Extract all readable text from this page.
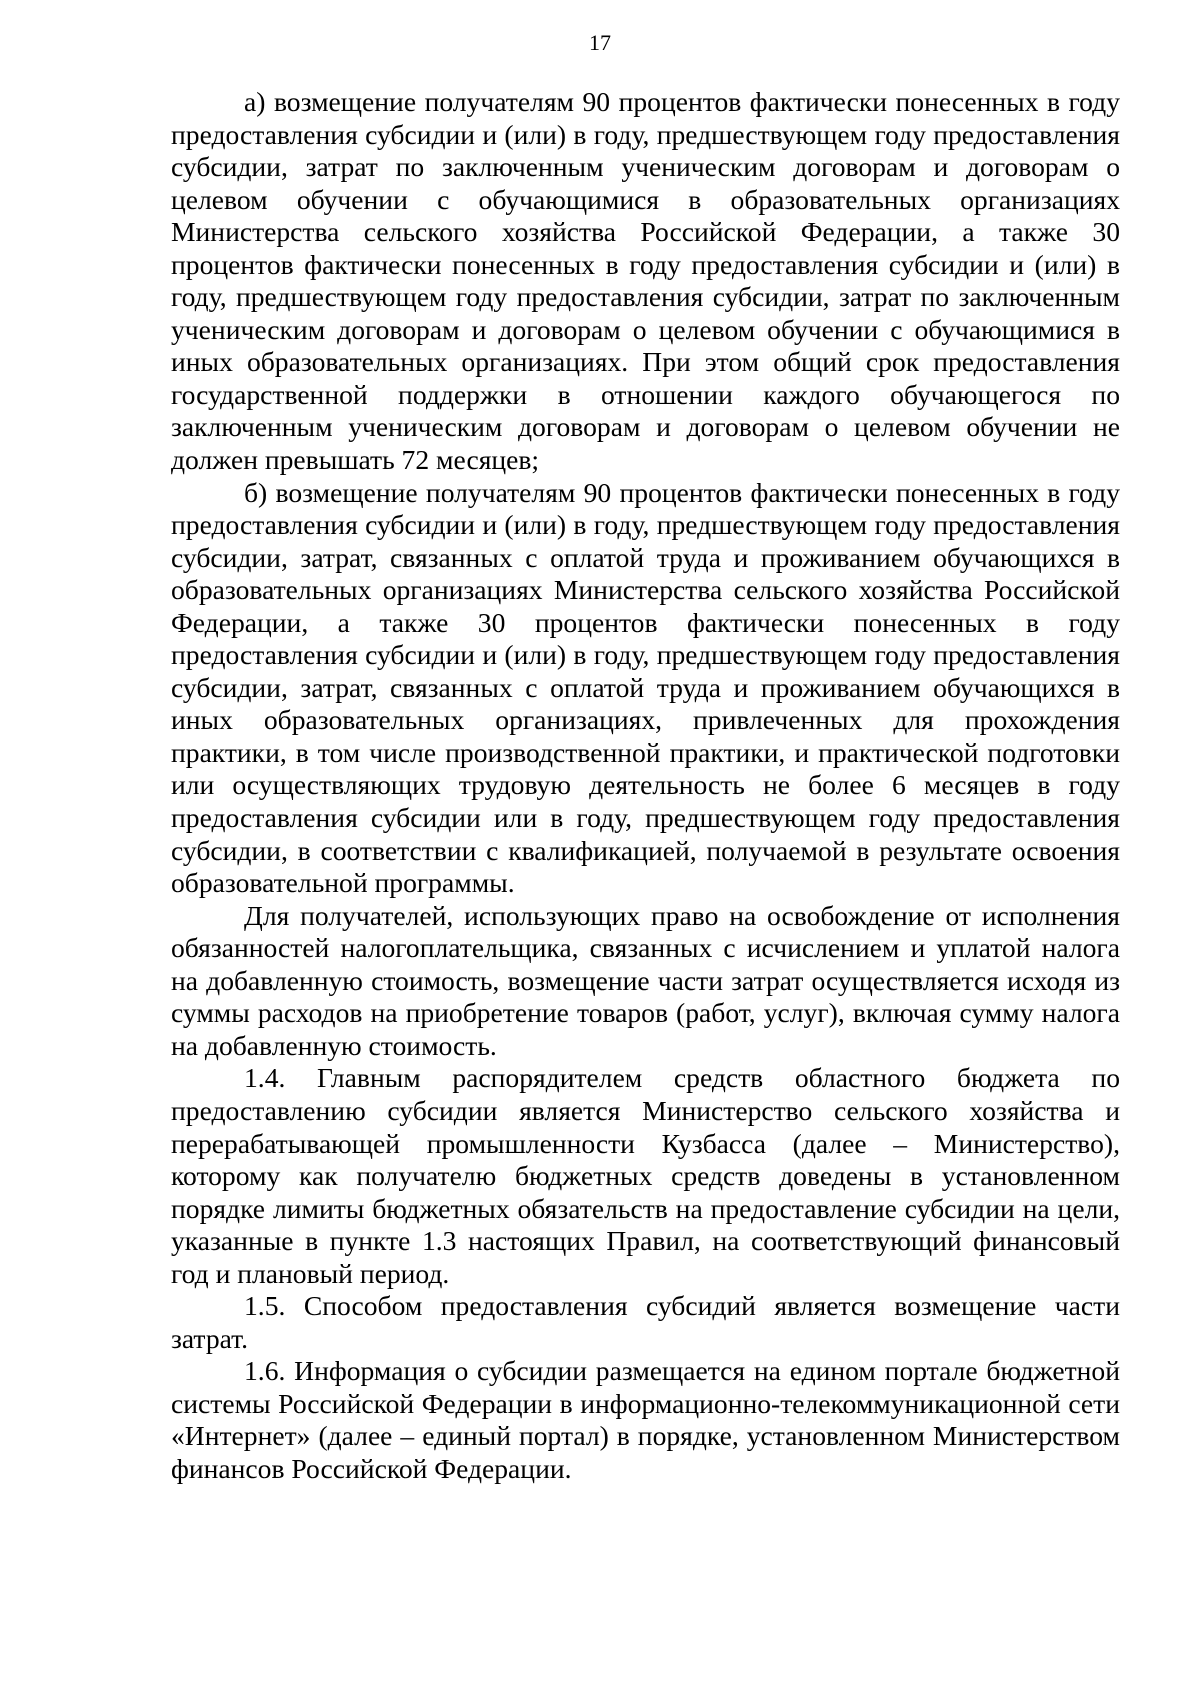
17

а) возмещение получателям 90 процентов фактически понесенных в году предоставления субсидии и (или) в году, предшествующем году предоставления субсидии, затрат по заключенным ученическим договорам и договорам о целевом обучении с обучающимися в образовательных организациях Министерства сельского хозяйства Российской Федерации, а также 30 процентов фактически понесенных в году предоставления субсидии и (или) в году, предшествующем году предоставления субсидии, затрат по заключенным ученическим договорам и договорам о целевом обучении с обучающимися в иных образовательных организациях. При этом общий срок предоставления государственной поддержки в отношении каждого обучающегося по заключенным ученическим договорам и договорам о целевом обучении не должен превышать 72 месяцев;

б) возмещение получателям 90 процентов фактически понесенных в году предоставления субсидии и (или) в году, предшествующем году предоставления субсидии, затрат, связанных с оплатой труда и проживанием обучающихся в образовательных организациях Министерства сельского хозяйства Российской Федерации, а также 30 процентов фактически понесенных в году предоставления субсидии и (или) в году, предшествующем году предоставления субсидии, затрат, связанных с оплатой труда и проживанием обучающихся в иных образовательных организациях, привлеченных для прохождения практики, в том числе производственной практики, и практической подготовки или осуществляющих трудовую деятельность не более 6 месяцев в году предоставления субсидии или в году, предшествующем году предоставления субсидии, в соответствии с квалификацией, получаемой в результате освоения образовательной программы.

Для получателей, использующих право на освобождение от исполнения обязанностей налогоплательщика, связанных с исчислением и уплатой налога на добавленную стоимость, возмещение части затрат осуществляется исходя из суммы расходов на приобретение товаров (работ, услуг), включая сумму налога на добавленную стоимость.

1.4. Главным распорядителем средств областного бюджета по предоставлению субсидии является Министерство сельского хозяйства и перерабатывающей промышленности Кузбасса (далее – Министерство), которому как получателю бюджетных средств доведены в установленном порядке лимиты бюджетных обязательств на предоставление субсидии на цели, указанные в пункте 1.3 настоящих Правил, на соответствующий финансовый год и плановый период.

1.5. Способом предоставления субсидий является возмещение части затрат.

1.6. Информация о субсидии размещается на едином портале бюджетной системы Российской Федерации в информационно-телекоммуникационной сети «Интернет» (далее – единый портал) в порядке, установленном Министерством финансов Российской Федерации.
